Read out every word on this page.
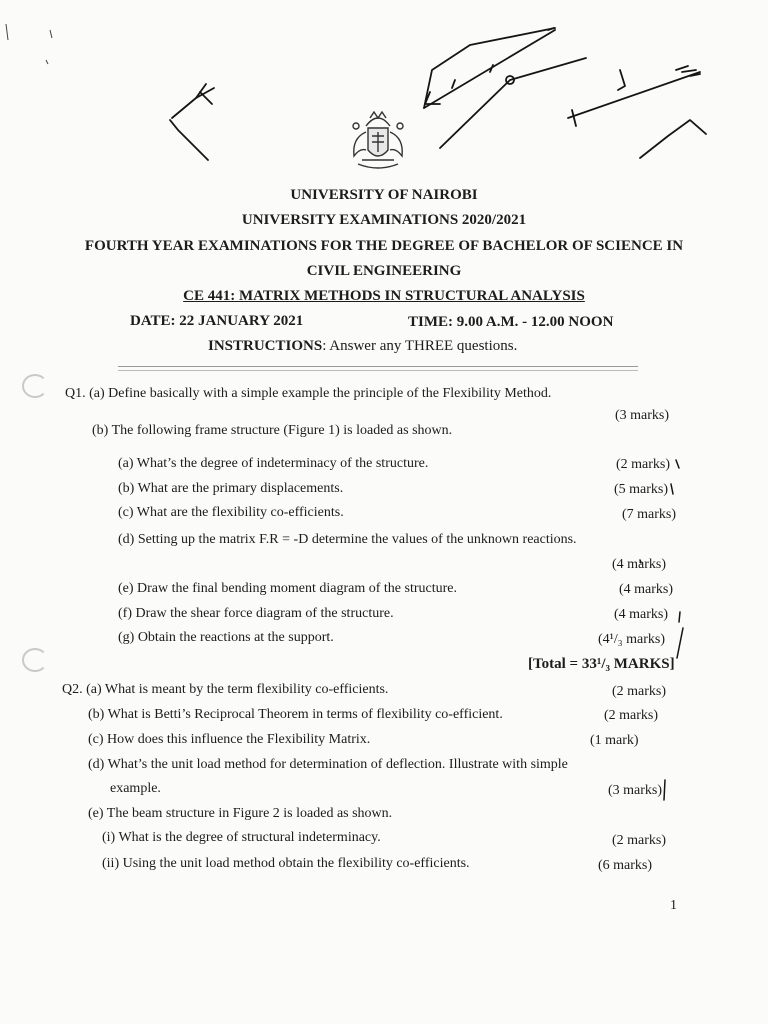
UNIVERSITY OF NAIROBI
UNIVERSITY EXAMINATIONS 2020/2021
FOURTH YEAR EXAMINATIONS FOR THE DEGREE OF BACHELOR OF SCIENCE IN
CIVIL ENGINEERING
CE 441: MATRIX METHODS IN STRUCTURAL ANALYSIS
DATE: 22 JANUARY 2021	TIME: 9.00 A.M. - 12.00 NOON
INSTRUCTIONS: Answer any THREE questions.
Q1. (a) Define basically with a simple example the principle of the Flexibility Method.
(3 marks)
(b) The following frame structure (Figure 1) is loaded as shown.
(a) What’s the degree of indeterminacy of the structure.	(2 marks)
(b) What are the primary displacements.	(5 marks)
(c) What are the flexibility co-efficients.	(7 marks)
(d) Setting up the matrix F.R = -D determine the values of the unknown reactions.
(4 marks)
(e) Draw the final bending moment diagram of the structure.	(4 marks)
(f) Draw the shear force diagram of the structure.	(4 marks)
(g) Obtain the reactions at the support.	(4¹/₃ marks)
[Total = 33¹/₃ MARKS]
Q2. (a) What is meant by the term flexibility co-efficients.	(2 marks)
(b) What is Betti’s Reciprocal Theorem in terms of flexibility co-efficient.	(2 marks)
(c) How does this influence the Flexibility Matrix.	(1 mark)
(d) What’s the unit load method for determination of deflection. Illustrate with simple
example.	(3 marks)
(e) The beam structure in Figure 2 is loaded as shown.
(i) What is the degree of structural indeterminacy.	(2 marks)
(ii) Using the unit load method obtain the flexibility co-efficients.	(6 marks)
1
